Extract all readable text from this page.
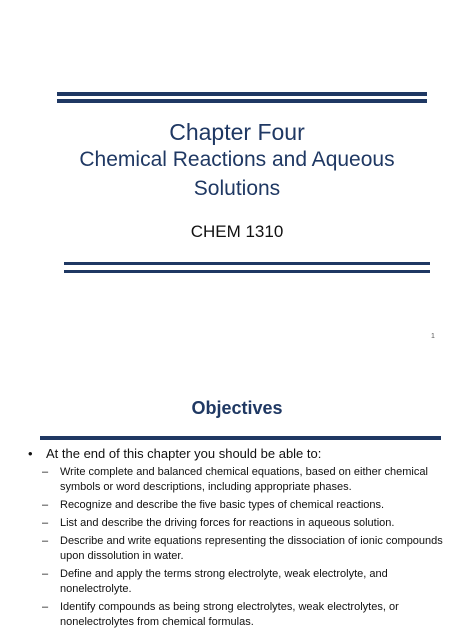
Chapter Four
Chemical Reactions and Aqueous
Solutions
CHEM 1310
1
Objectives
• At the end of this chapter you should be able to:
– Write complete and balanced chemical equations, based on either chemical
symbols or word descriptions, including appropriate phases.
– Recognize and describe the five basic types of chemical reactions.
– List and describe the driving forces for reactions in aqueous solution.
– Describe and write equations representing the dissociation of ionic compounds
upon dissolution in water.
– Define and apply the terms strong electrolyte, weak electrolyte, and
nonelectrolyte.
– Identify compounds as being strong electrolytes, weak electrolytes, or
nonelectrolytes from chemical formulas.
